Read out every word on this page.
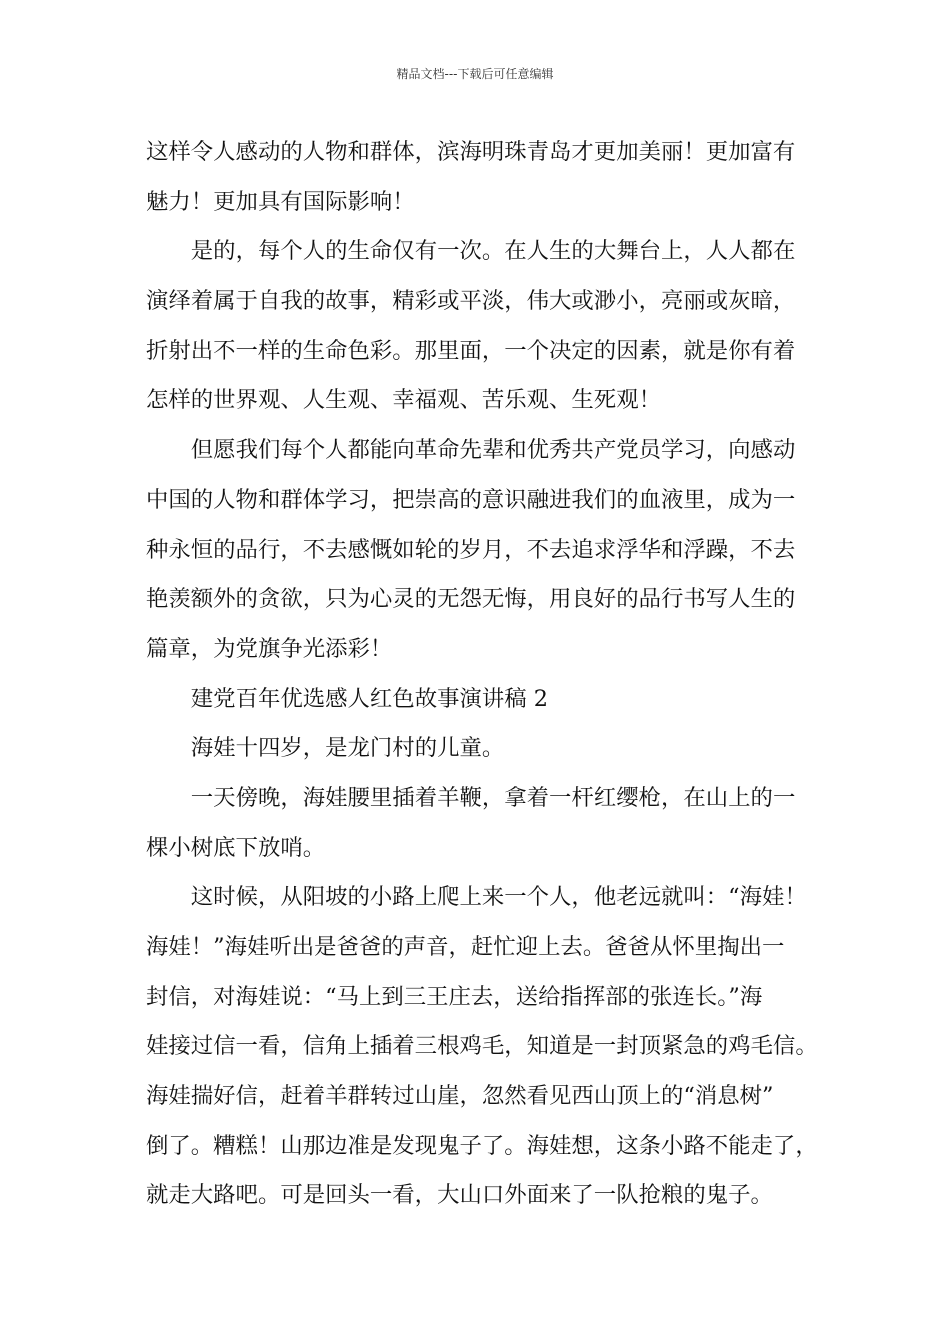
精品文档---下载后可任意编辑
这样令人感动的人物和群体，滨海明珠青岛才更加美丽！更加富有
魅力！更加具有国际影响！
是的，每个人的生命仅有一次。在人生的大舞台上，人人都在
演绎着属于自我的故事，精彩或平淡，伟大或渺小，亮丽或灰暗，
折射出不一样的生命色彩。那里面，一个决定的因素，就是你有着
怎样的世界观、人生观、幸福观、苦乐观、生死观！
但愿我们每个人都能向革命先辈和优秀共产党员学习，向感动
中国的人物和群体学习，把崇高的意识融进我们的血液里，成为一
种永恒的品行，不去感慨如轮的岁月，不去追求浮华和浮躁，不去
艳羡额外的贪欲，只为心灵的无怨无悔，用良好的品行书写人生的
篇章，为党旗争光添彩！
建党百年优选感人红色故事演讲稿 2
海娃十四岁，是龙门村的儿童。
一天傍晚，海娃腰里插着羊鞭，拿着一杆红缨枪，在山上的一
棵小树底下放哨。
这时候，从阳坡的小路上爬上来一个人，他老远就叫：“海娃！
海娃！”海娃听出是爸爸的声音，赶忙迎上去。爸爸从怀里掏出一
封信，对海娃说：“马上到三王庄去，送给指挥部的张连长。”海
娃接过信一看，信角上插着三根鸡毛，知道是一封顶紧急的鸡毛信。
海娃揣好信，赶着羊群转过山崖，忽然看见西山顶上的“消息树”
倒了。糟糕！山那边准是发现鬼子了。海娃想，这条小路不能走了，
就走大路吧。可是回头一看，大山口外面来了一队抢粮的鬼子。
